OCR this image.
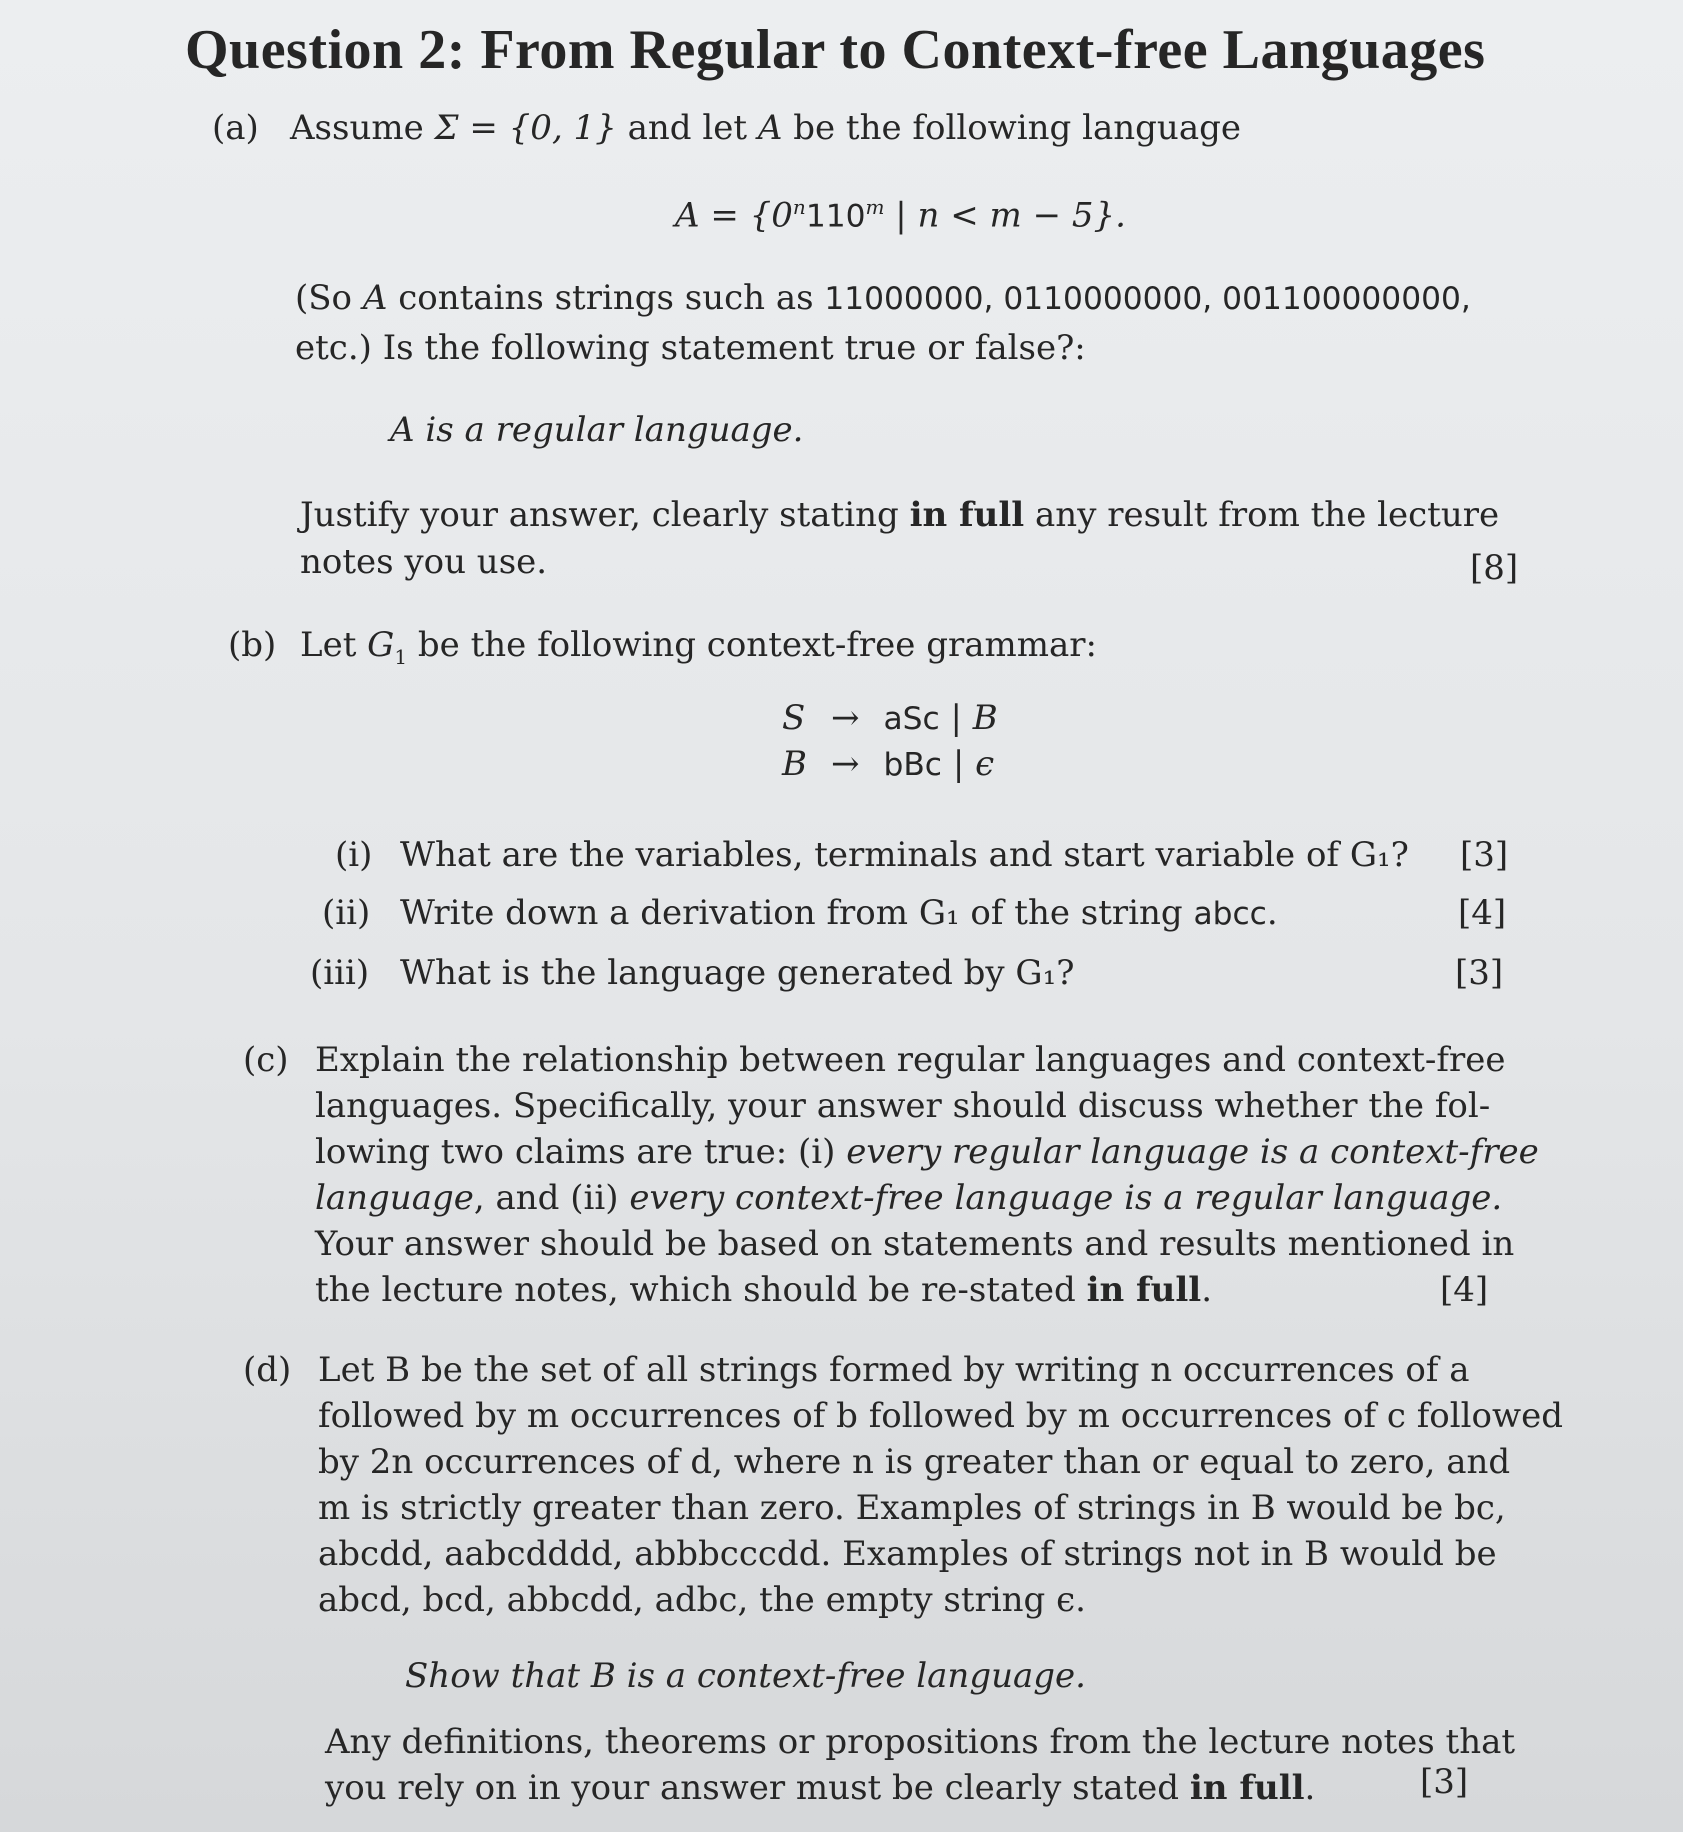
Question 2: From Regular to Context-free Languages
(a) Assume Σ = {0, 1} and let A be the following language
$A = \{0^n110^m$ | n < m − 5}.
(So A contains strings such as 11000000, 0110000000, 001100000000,
etc.) Is the following statement true or false?:
A is a regular language.
Justify your answer, clearly stating in full any result from the lecture
notes you use.	[8]
(b) Let $G_1$ be the following context-free grammar:
S	→	aSc | B
B	→	bBc | ϵ
(i) What are the variables, terminals and start variable of G₁? [3]
(ii) Write down a derivation from G₁ of the string abcc.	[4]
(iii) What is the language generated by G₁?	[3]
(c) Explain the relationship between regular languages and context-free
languages. Specifically, your answer should discuss whether the fol-
lowing two claims are true: (i) every regular language is a context-free
language, and (ii) every context-free language is a regular language.
Your answer should be based on statements and results mentioned in
the lecture notes, which should be re-stated in full.	[4]
(d) Let B be the set of all strings formed by writing n occurrences of a
followed by m occurrences of b followed by m occurrences of c followed
by 2n occurrences of d, where n is greater than or equal to zero, and
m is strictly greater than zero. Examples of strings in B would be bc,
abcdd, aabcdddd, abbbcccdd. Examples of strings not in B would be
abcd, bcd, abbcdd, adbc, the empty string ϵ.
Show that B is a context-free language.
Any definitions, theorems or propositions from the lecture notes that
you rely on in your answer must be clearly stated in full.	[3]
